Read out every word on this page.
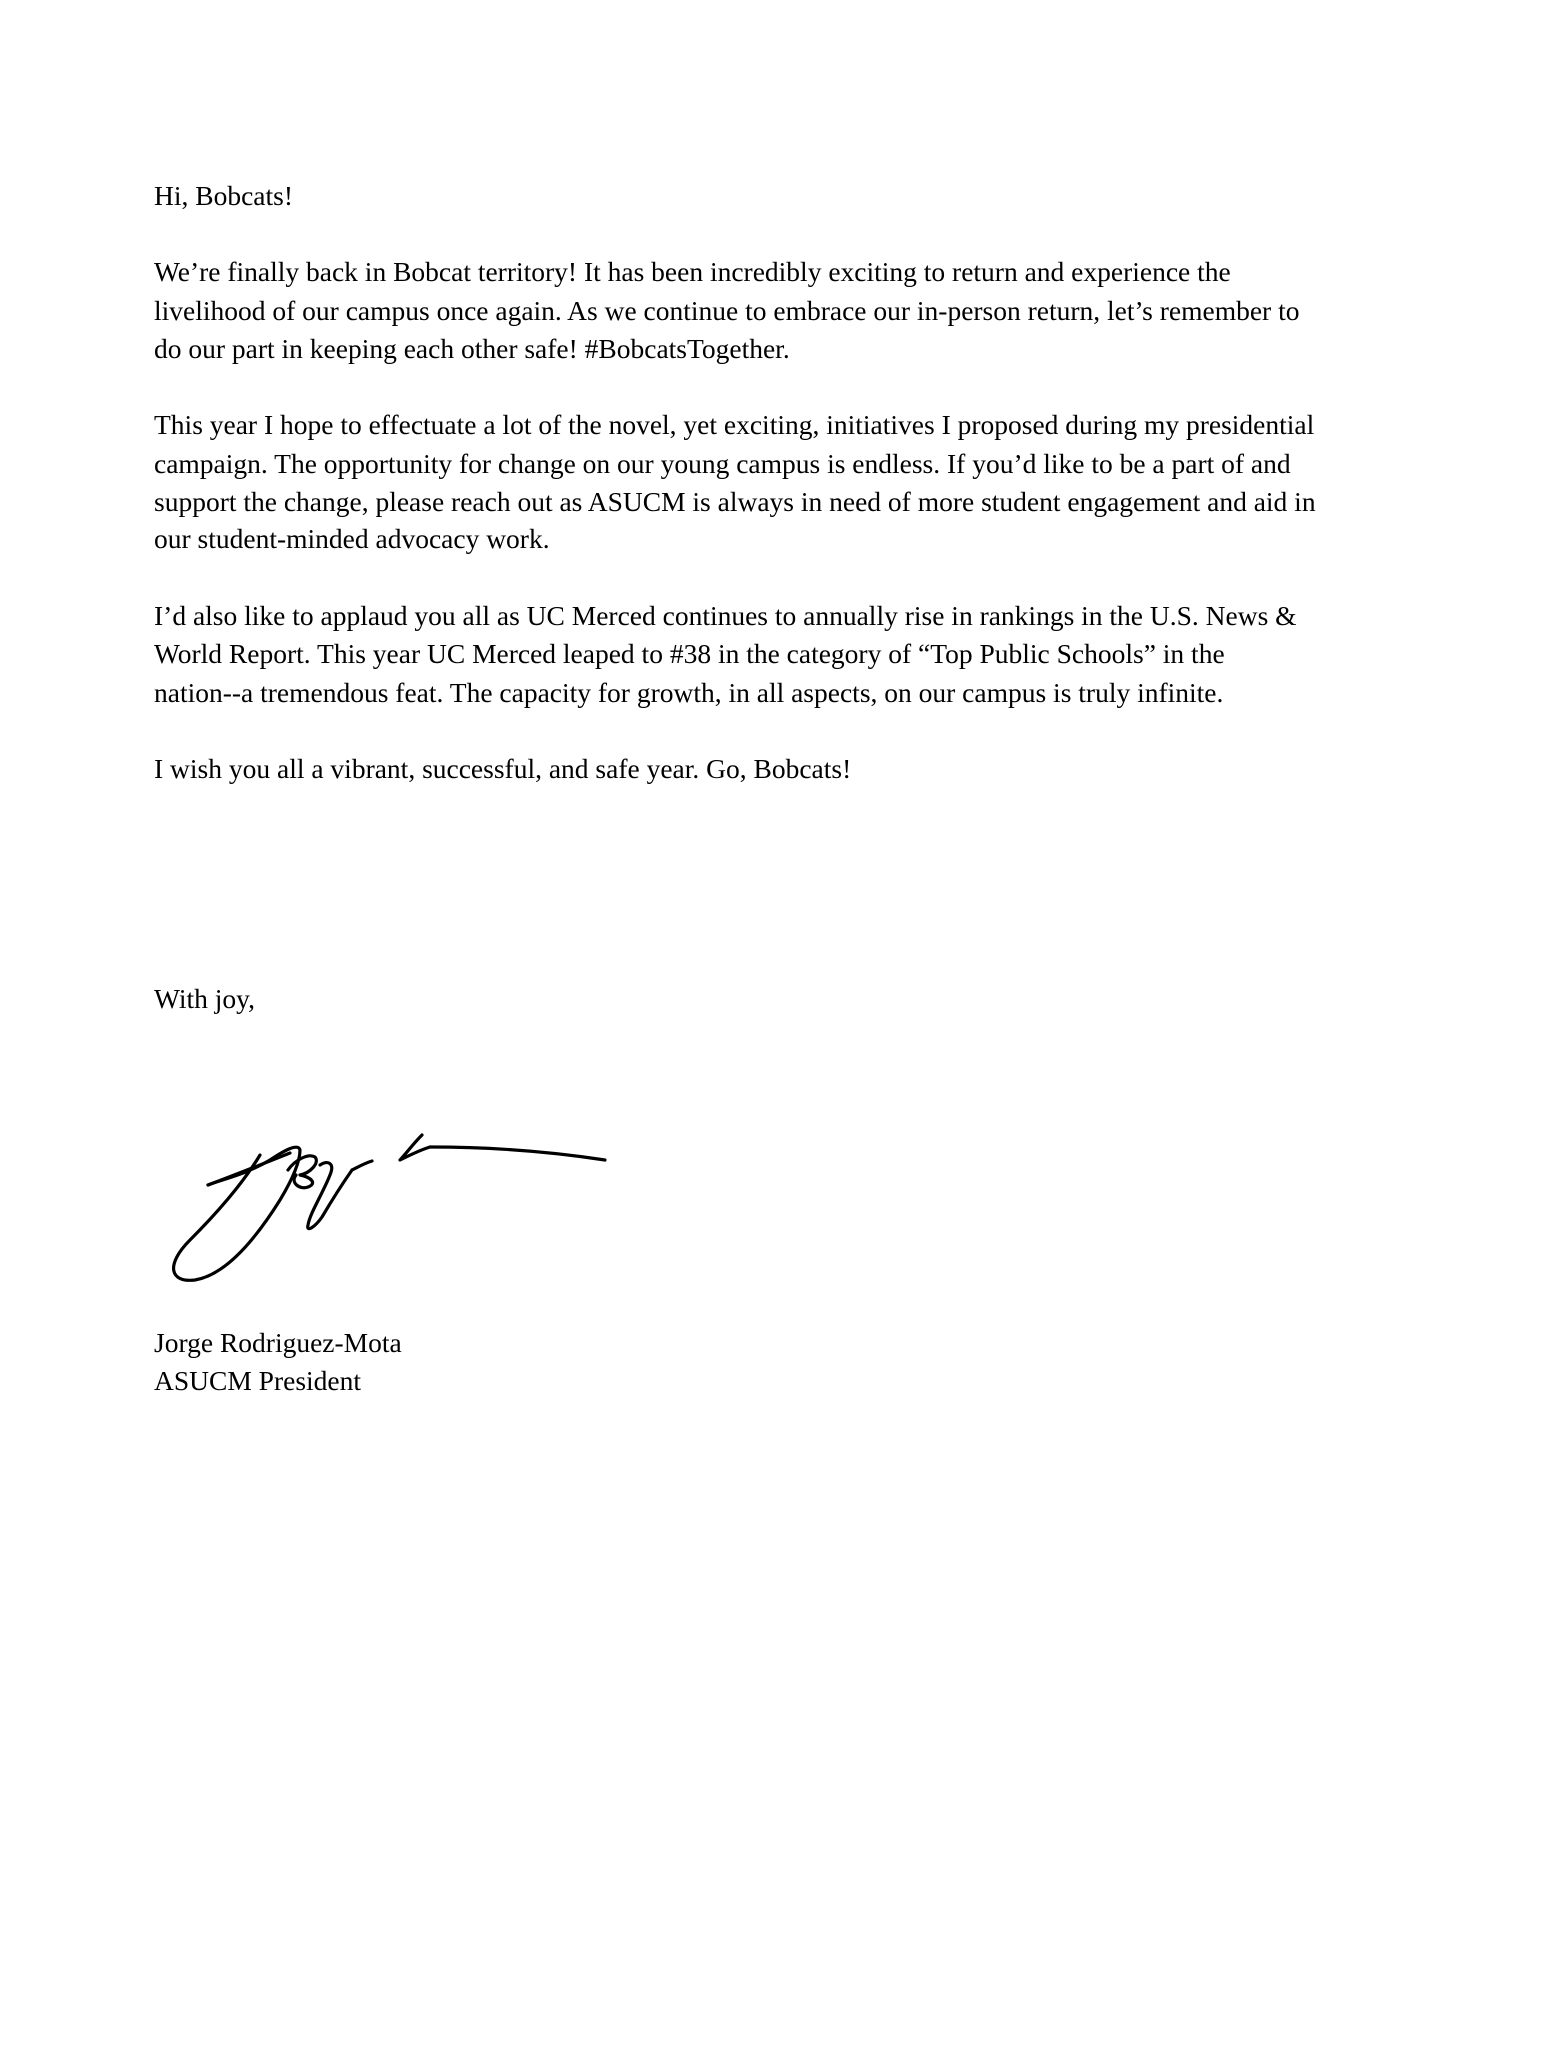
Hi, Bobcats!

We’re finally back in Bobcat territory! It has been incredibly exciting to return and experience the

livelihood of our campus once again. As we continue to embrace our in-person return, let’s remember to

do our part in keeping each other safe! #BobcatsTogether.

This year I hope to effectuate a lot of the novel, yet exciting, initiatives I proposed during my presidential

campaign. The opportunity for change on our young campus is endless. If you’d like to be a part of and

support the change, please reach out as ASUCM is always in need of more student engagement and aid in

our student-minded advocacy work.

I’d also like to applaud you all as UC Merced continues to annually rise in rankings in the U.S. News &

World Report. This year UC Merced leaped to #38 in the category of “Top Public Schools” in the

nation--a tremendous feat. The capacity for growth, in all aspects, on our campus is truly infinite.

I wish you all a vibrant, successful, and safe year. Go, Bobcats!

With joy,

Jorge Rodriguez-Mota

ASUCM President
